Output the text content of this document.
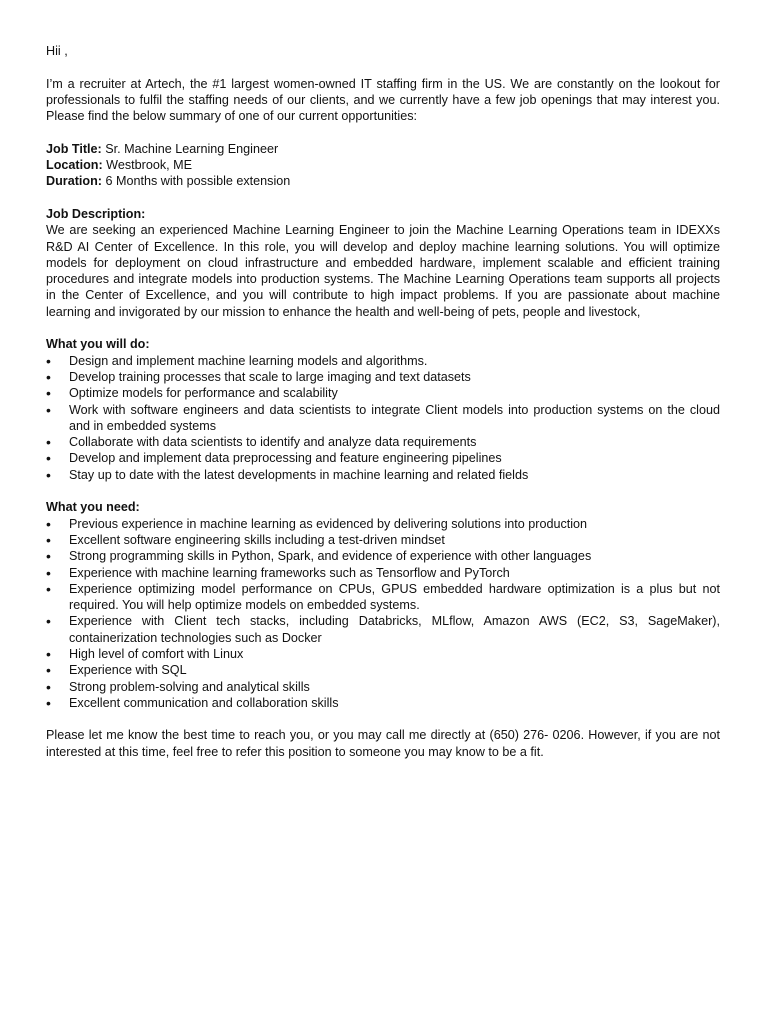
Hii ,

I’m a recruiter at Artech, the #1 largest women-owned IT staffing firm in the US. We are constantly on the lookout for professionals to fulfil the staffing needs of our clients, and we currently have a few job openings that may interest you. Please find the below summary of one of our current opportunities:

Job Title: Sr. Machine Learning Engineer

Location: Westbrook, ME

Duration: 6 Months with possible extension

Job Description:

We are seeking an experienced Machine Learning Engineer to join the Machine Learning Operations team in IDEXXs R&D AI Center of Excellence. In this role, you will develop and deploy machine learning solutions. You will optimize models for deployment on cloud infrastructure and embedded hardware, implement scalable and efficient training procedures and integrate models into production systems. The Machine Learning Operations team supports all projects in the Center of Excellence, and you will contribute to high impact problems. If you are passionate about machine learning and invigorated by our mission to enhance the health and well-being of pets, people and livestock,

What you will do:

• Design and implement machine learning models and algorithms.
• Develop training processes that scale to large imaging and text datasets
• Optimize models for performance and scalability
• Work with software engineers and data scientists to integrate Client models into production systems on the cloud and in embedded systems
• Collaborate with data scientists to identify and analyze data requirements
• Develop and implement data preprocessing and feature engineering pipelines
• Stay up to date with the latest developments in machine learning and related fields

What you need:

• Previous experience in machine learning as evidenced by delivering solutions into production
• Excellent software engineering skills including a test-driven mindset
• Strong programming skills in Python, Spark, and evidence of experience with other languages
• Experience with machine learning frameworks such as Tensorflow and PyTorch
• Experience optimizing model performance on CPUs, GPUS embedded hardware optimization is a plus but not required. You will help optimize models on embedded systems.
• Experience with Client tech stacks, including Databricks, MLflow, Amazon AWS (EC2, S3, SageMaker), containerization technologies such as Docker
• High level of comfort with Linux
• Experience with SQL
• Strong problem-solving and analytical skills
• Excellent communication and collaboration skills

Please let me know the best time to reach you, or you may call me directly at (650) 276- 0206. However, if you are not interested at this time, feel free to refer this position to someone you may know to be a fit.
